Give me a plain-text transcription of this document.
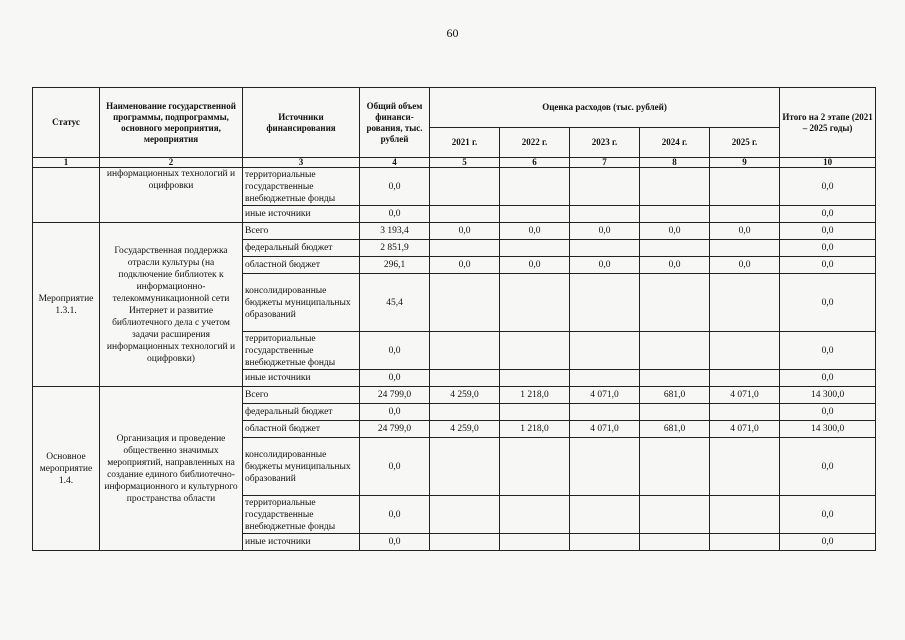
60
Статус	Наименование государственной программы, подпрограммы, основного мероприятия, мероприятия	Источники финансирования	Общий объем финанси-рования, тыс. рублей	Оценка расходов (тыс. рублей)					Итого на 2 этапе (2021 – 2025 годы)
				2021 г.	2022 г.	2023 г.	2024 г.	2025 г.	
1	2	3	4	5	6	7	8	9	10
	информационных технологий и оцифровки	территориальные государственные внебюджетные фонды	0,0						0,0
		иные источники	0,0						0,0
Мероприятие 1.3.1.	Государственная поддержка отрасли культуры (на подключение библиотек к информационно-телекоммуникационной сети Интернет и развитие библиотечного дела с учетом задачи расширения информационных технологий и оцифровки)	Всего	3 193,4	0,0	0,0	0,0	0,0	0,0	0,0
		федеральный бюджет	2 851,9						0,0
		областной бюджет	296,1	0,0	0,0	0,0	0,0	0,0	0,0
		консолидированные бюджеты муниципальных образований	45,4						0,0
		территориальные государственные внебюджетные фонды	0,0						0,0
		иные источники	0,0						0,0
Основное мероприятие 1.4.	Организация и проведение общественно значимых мероприятий, направленных на создание единого библиотечно-информационного и культурного пространства области	Всего	24 799,0	4 259,0	1 218,0	4 071,0	681,0	4 071,0	14 300,0
		федеральный бюджет	0,0						0,0
		областной бюджет	24 799,0	4 259,0	1 218,0	4 071,0	681,0	4 071,0	14 300,0
		консолидированные бюджеты муниципальных образований	0,0						0,0
		территориальные государственные внебюджетные фонды	0,0						0,0
		иные источники	0,0						0,0
